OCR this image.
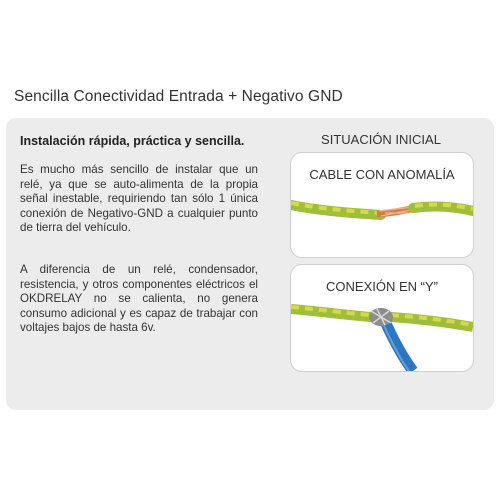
Sencilla Conectividad Entrada + Negativo GND
Instalación rápida, práctica y sencilla.
Es mucho más sencillo de instalar que un relé, ya que se auto-alimenta de la propia señal inestable, requiriendo tan sólo 1 única conexión de Negativo-GND a cualquier punto de tierra del vehículo.
A diferencia de un relé, condensador, resistencia, y otros componentes eléctricos el OKDRELAY no se calienta, no genera consumo adicional y es capaz de trabajar con voltajes bajos de hasta 6v.
SITUACIÓN INICIAL
CABLE CON ANOMALÍA
CONEXIÓN EN “Y”
